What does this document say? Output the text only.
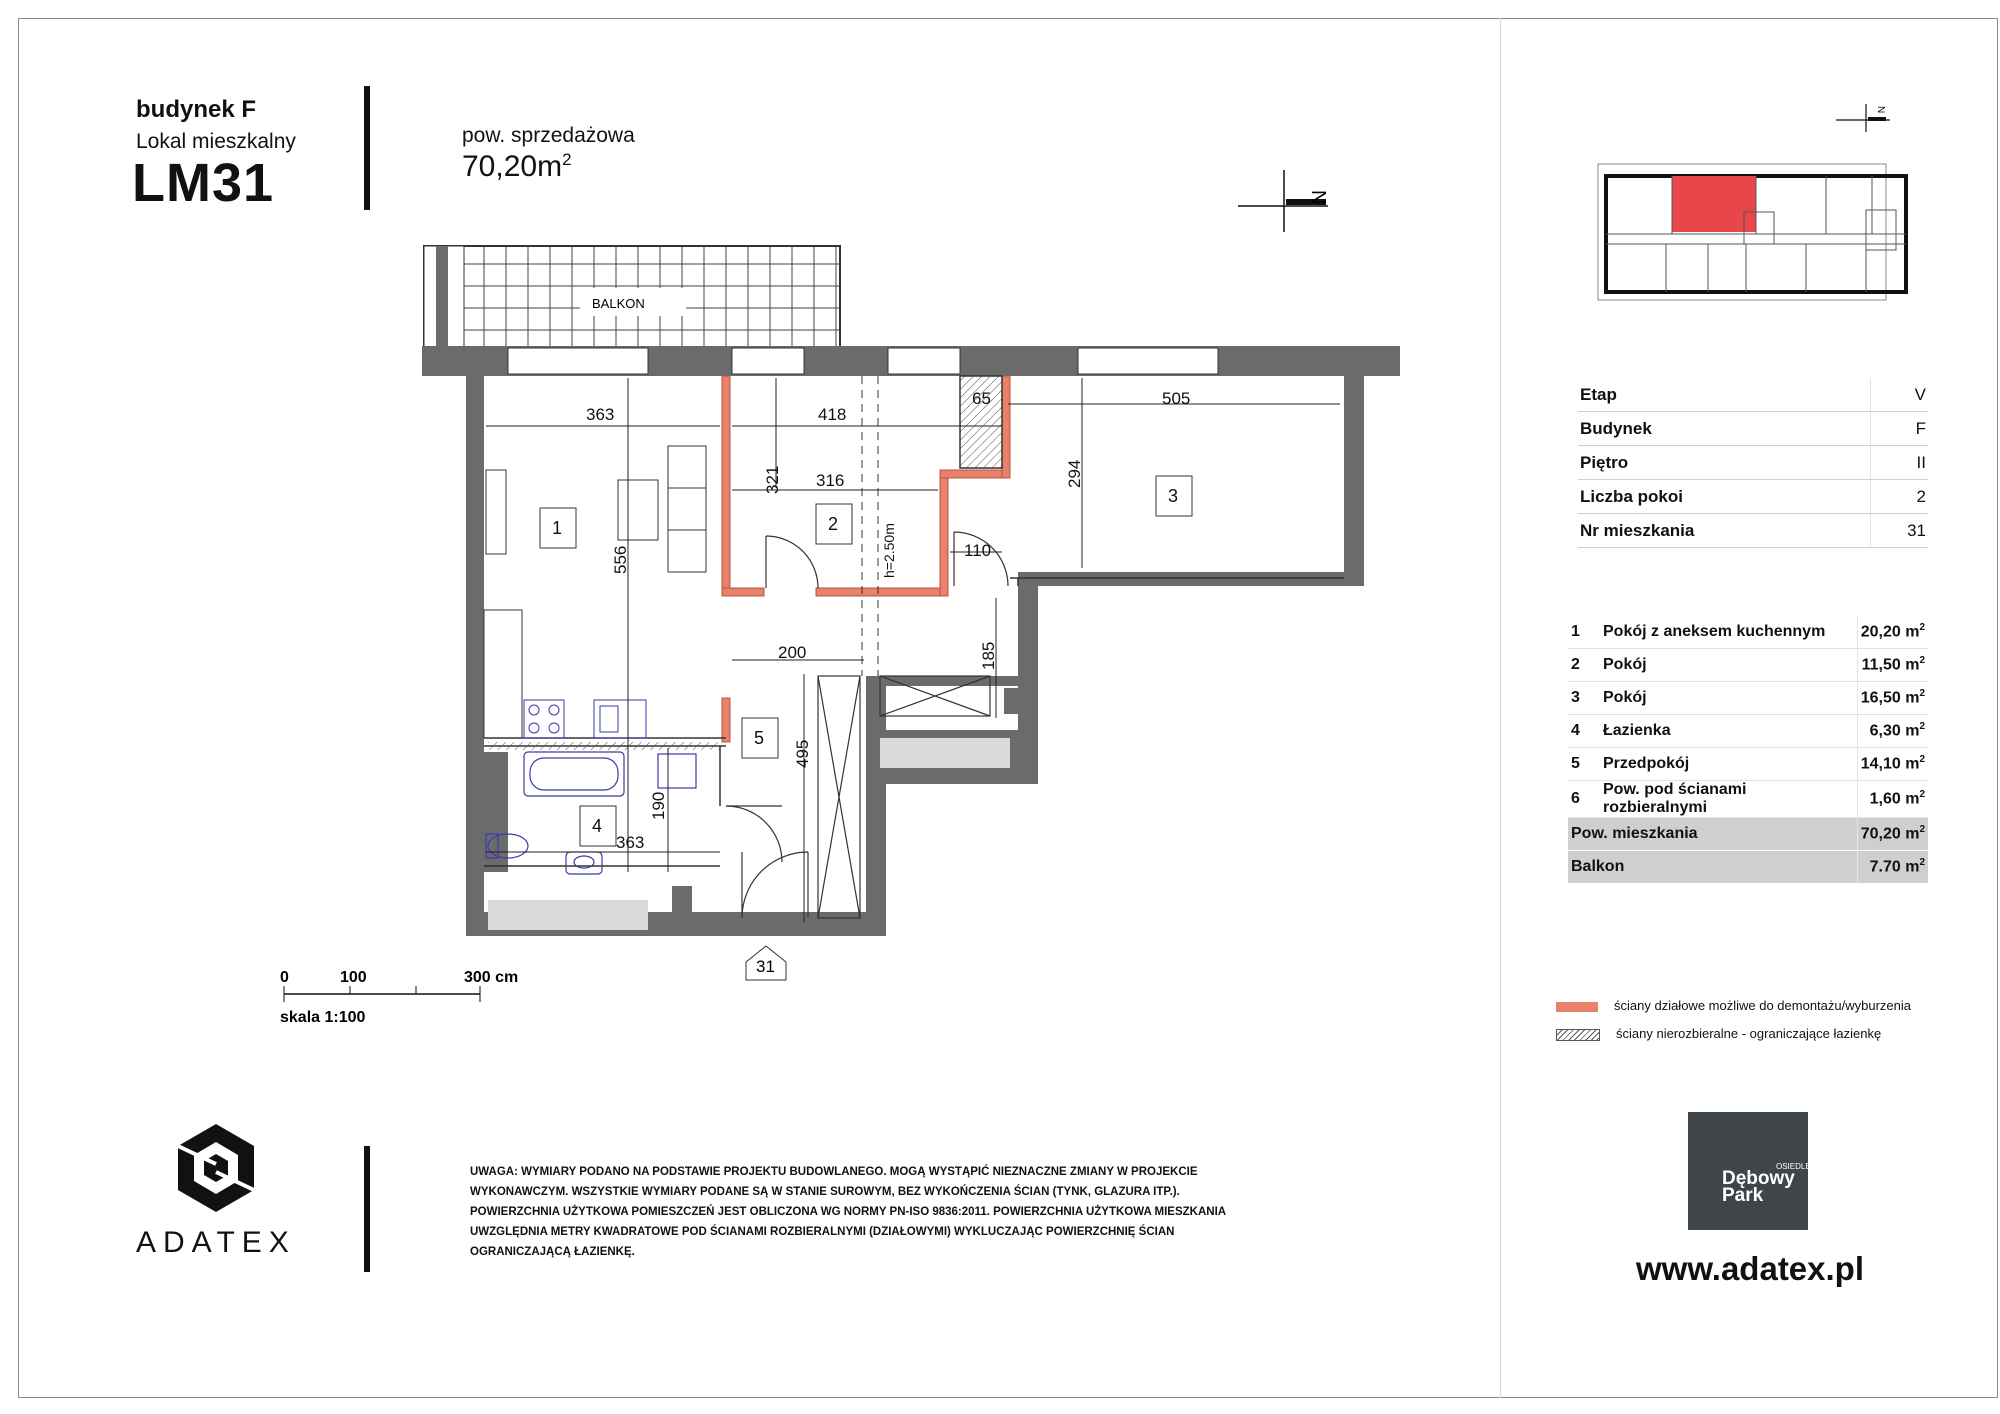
budynek F
Lokal mieszkalny
LM31
pow. sprzedażowa
$70,20m^2$
N
BALKON
363	418
65	505
321 316	294
556	110
200	185
495
190
363
h=2.50m
1	2
3
4
5
31
0	100	300 cm
skala 1:100
N
Etap	V
Budynek	F
Piętro	II
Liczba pokoi	2
Nr mieszkania	31
1	Pokój z aneksem kuchennym	20,20 $m^2$
2	Pokój	11,50 $m^2$
3	Pokój	16,50 $m^2$
4	Łazienka	6,30 $m^2$
5	Przedpokój	14,10 $m^2$
6	Pow. pod ścianami rozbieralnymi	1,60 $m^2$
Pow. mieszkania		70,20 $m^2$
Balkon		7.70 $m^2$
ściany działowe możliwe do demontażu/wyburzenia
ściany nierozbieralne - ograniczające łazienkę
ADATEX
UWAGA: WYMIARY PODANO NA PODSTAWIE PROJEKTU BUDOWLANEGO. MOGĄ WYSTĄPIĆ NIEZNACZNE ZMIANY W PROJEKCIE WYKONAWCZYM. WSZYSTKIE WYMIARY PODANE SĄ W STANIE SUROWYM, BEZ WYKOŃCZENIA ŚCIAN (TYNK, GLAZURA ITP.). POWIERZCHNIA UŻYTKOWA POMIESZCZEŃ JEST OBLICZONA WG NORMY PN-ISO 9836:2011. POWIERZCHNIA UŻYTKOWA MIESZKANIA UWZGLĘDNIA METRY KWADRATOWE POD ŚCIANAMI ROZBIERALNYMI (DZIAŁOWYMI) WYKLUCZAJĄC POWIERZCHNIĘ ŚCIAN OGRANICZAJĄCĄ ŁAZIENKĘ.
OSIEDLE
Dębowy
Park
www.adatex.pl
